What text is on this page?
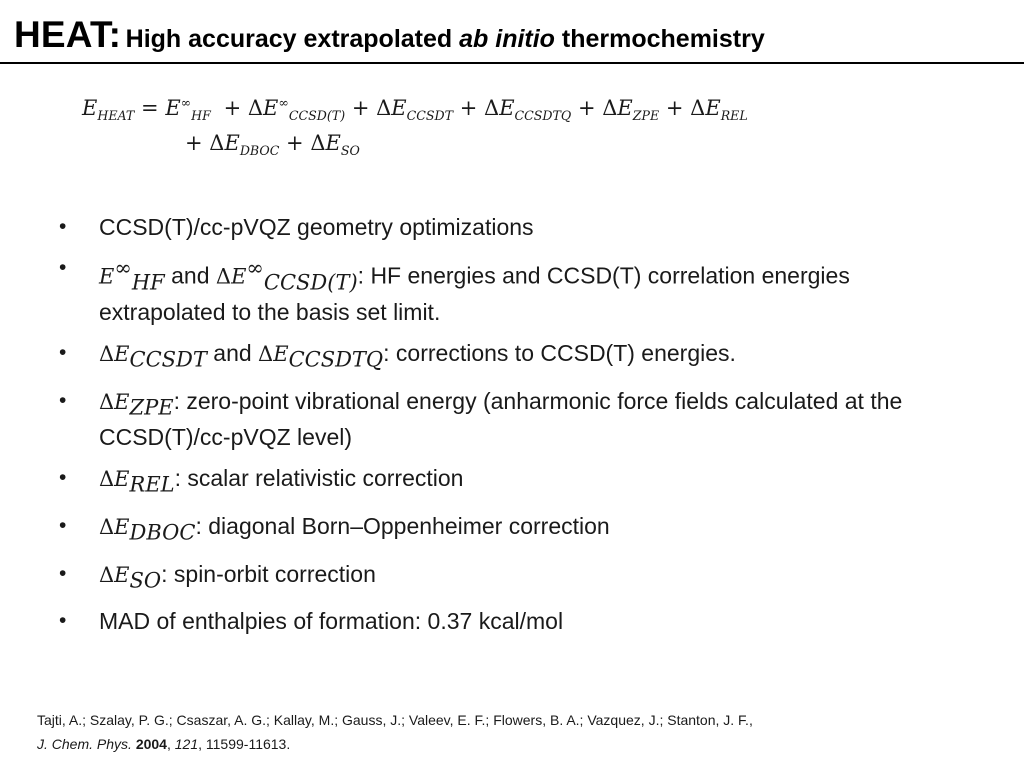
HEAT: High accuracy extrapolated ab initio thermochemistry
$E_{HEAT} = E^\infty_{HF} + \Delta E^\infty_{CCSD(T)} + \Delta E_{CCSDT} + \Delta E_{CCSDTQ} + \Delta E_{ZPE} + \Delta E_{REL}$
+ $\Delta E_{DBOC} + \Delta E_{SO}$
• CCSD(T)/cc-pVQZ geometry optimizations
• $E^\infty_{HF}$ and $\Delta E^\infty_{CCSD(T)}$: HF energies and CCSD(T) correlation energies extrapolated to the basis set limit.
• $\Delta E_{CCSDT}$ and $\Delta E_{CCSDTQ}$: corrections to CCSD(T) energies.
• $\Delta E_{ZPE}$: zero-point vibrational energy (anharmonic force fields calculated at the CCSD(T)/cc-pVQZ level)
• $\Delta E_{REL}$: scalar relativistic correction
• $\Delta E_{DBOC}$: diagonal Born–Oppenheimer correction
• $\Delta E_{SO}$: spin-orbit correction
• MAD of enthalpies of formation: 0.37 kcal/mol
Tajti, A.; Szalay, P. G.; Csaszar, A. G.; Kallay, M.; Gauss, J.; Valeev, E. F.; Flowers, B. A.; Vazquez, J.; Stanton, J. F.,
J. Chem. Phys. 2004, 121, 11599-11613.
